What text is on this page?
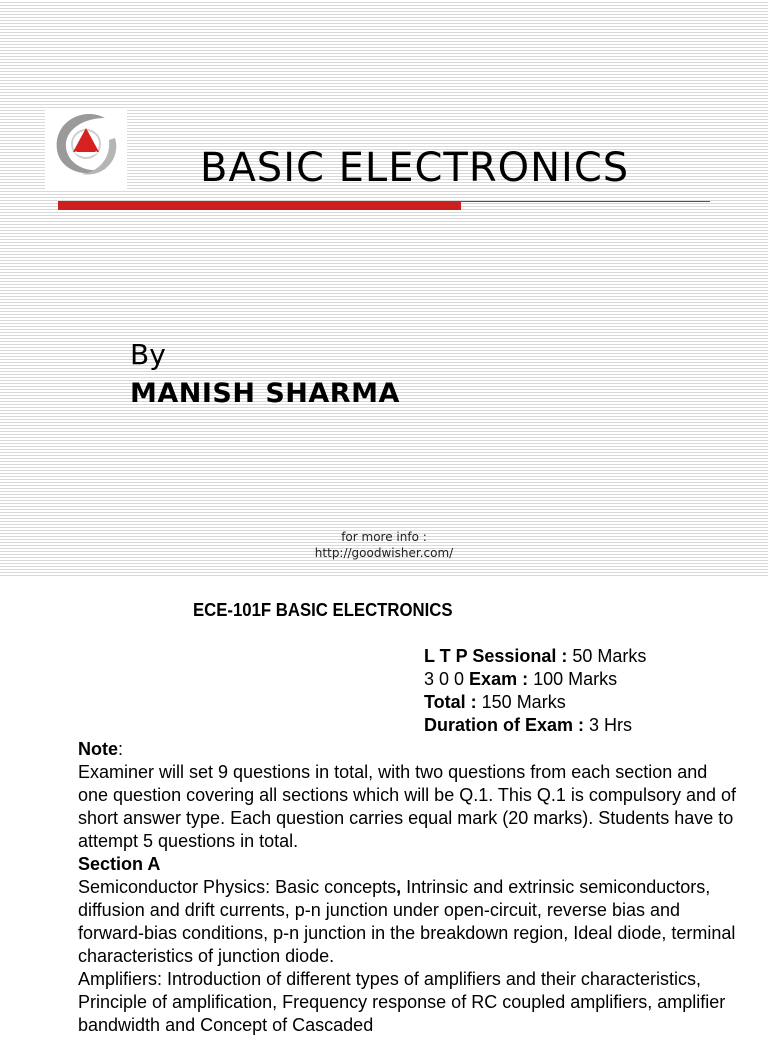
BASIC ELECTRONICS
By
MANISH SHARMA
for more info :
http://goodwisher.com/
ECE-101F BASIC ELECTRONICS
L T P Sessional : 50 Marks
3 0 0 Exam : 100 Marks
Total : 150 Marks
Duration of Exam : 3 Hrs

Note:

Examiner will set 9 questions in total, with two questions from each section and one question covering all sections which will be Q.1. This Q.1 is compulsory and of short answer type. Each question carries equal mark (20 marks). Students have to attempt 5 questions in total.

Section A

Semiconductor Physics: Basic concepts, Intrinsic and extrinsic semiconductors, diffusion and drift currents, p-n junction under open-circuit, reverse bias and forward-bias conditions, p-n junction in the breakdown region, Ideal diode, terminal characteristics of junction diode.

Amplifiers: Introduction of different types of amplifiers and their characteristics, Principle of amplification, Frequency response of RC coupled amplifiers, amplifier bandwidth and Concept of Cascaded
